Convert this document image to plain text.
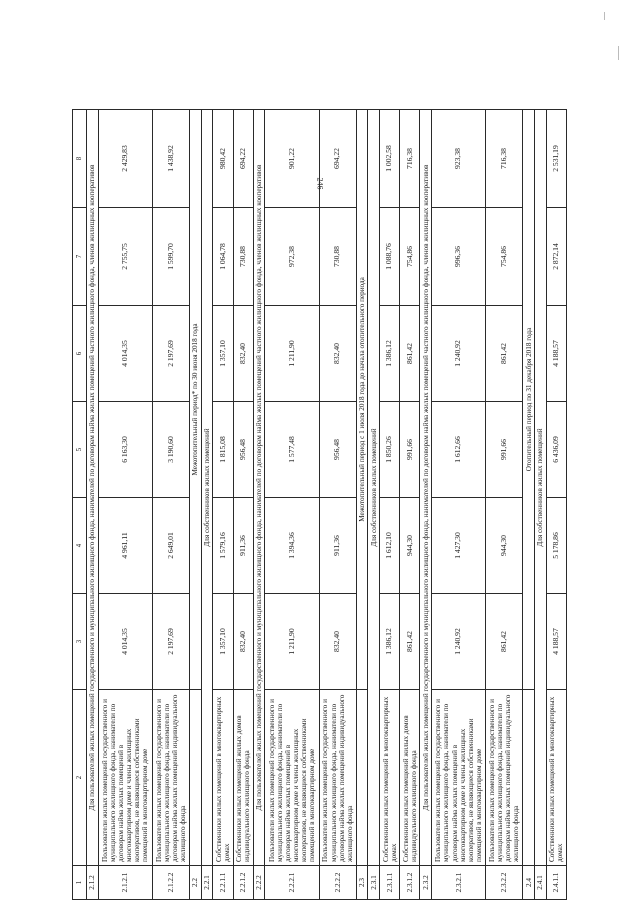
246
1	2	3	4	5	6	7	8
2.1.2	Для пользователей жилых помещений государственного и муниципального жилищного фонда, нанимателей по договорам найма жилых помещений частного жилищного фонда, членов жилищных кооперативов						
2.1.2.1	Пользователи жилых помещений государственного и муниципального жилищного фонда, наниматели по договорам найма жилых помещений в многоквартирном доме и члены жилищных кооперативов, не являющиеся собственниками помещений в многоквартирном доме	4 014,35	4 961,11	6 163,30	4 014,35	2 755,75	2 429,83
2.1.2.2	Пользователи жилых помещений государственного и муниципального жилищного фонда, наниматели по договорам найма жилых помещений индивидуального жилищного фонда	2 197,69	2 649,01	3 190,60	2 197,69	1 599,70	1 438,92
2.2		Межотопительный период* по 30 июня 2018 года					
2.2.1	Для собственников жилых помещений						
2.2.1.1	Собственники жилых помещений в многоквартирных домах	1 357,10	1 579,16	1 815,08	1 357,10	1 064,78	980,42
2.2.1.2	Собственники жилых помещений жилых домов индивидуального жилищного фонда	832,40	911,36	956,48	832,40	730,88	694,22
2.2.2	Для пользователей жилых помещений государственного и муниципального жилищного фонда, нанимателей по договорам найма жилых помещений частного жилищного фонда, членов жилищных кооперативов						
2.2.2.1	Пользователи жилых помещений государственного и муниципального жилищного фонда, наниматели по договорам найма жилых помещений в многоквартирном доме и члены жилищных кооперативов, не являющиеся собственниками помещений в многоквартирном доме	1 211,90	1 394,36	1 577,48	1 211,90	972,38	901,22
2.2.2.2	Пользователи жилых помещений государственного и муниципального жилищного фонда, наниматели по договорам найма жилых помещений индивидуального жилищного фонда	832,40	911,36	956,48	832,40	730,88	694,22
2.3		Межотопительный период с 1 июля 2018 года до начала отопительного периода					
2.3.1	Для собственников жилых помещений						
2.3.1.1	Собственники жилых помещений в многоквартирных домах	1 386,12	1 612,10	1 850,26	1 386,12	1 088,76	1 002,58
2.3.1.2	Собственники жилых помещений жилых домов индивидуального жилищного фонда	861,42	944,30	991,66	861,42	754,86	716,38
2.3.2	Для пользователей жилых помещений государственного и муниципального жилищного фонда, нанимателей по договорам найма жилых помещений частного жилищного фонда, членов жилищных кооперативов						
2.3.2.1	Пользователи жилых помещений государственного и муниципального жилищного фонда, наниматели по договорам найма жилых помещений в многоквартирном доме и члены жилищных кооперативов, не являющиеся собственниками помещений в многоквартирном доме	1 240,92	1 427,30	1 612,66	1 240,92	996,36	923,38
2.3.2.2	Пользователи жилых помещений государственного и муниципального жилищного фонда, наниматели по договорам найма жилых помещений индивидуального жилищного фонда	861,42	944,30	991,66	861,42	754,86	716,38
2.4		Отопительный период по 31 декабря 2018 года					
2.4.1	Для собственников жилых помещений						
2.4.1.1	Собственники жилых помещений в многоквартирных домах	4 188,57	5 178,86	6 436,09	4 188,57	2 872,14	2 531,19
